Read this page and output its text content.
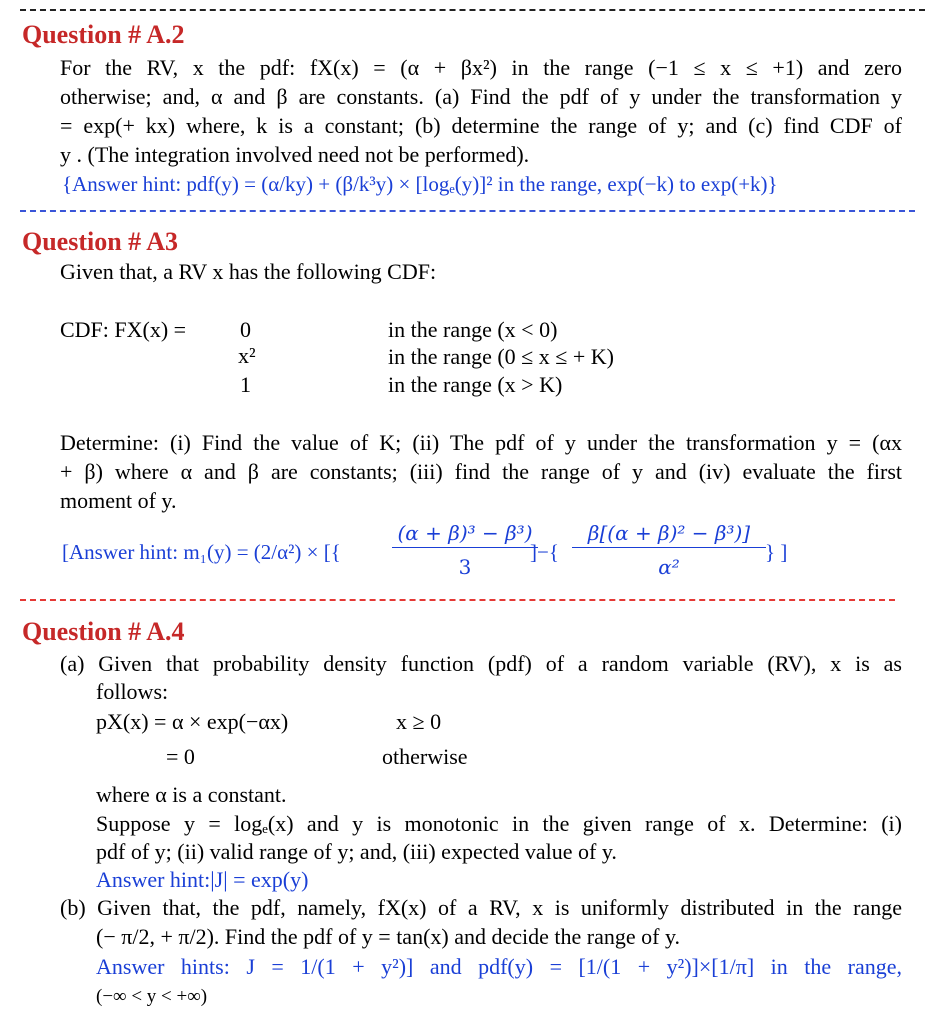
Question # A.2
For the RV, x the pdf: fX(x) = (α + βx²) in the range (−1 ≤ x ≤ +1) and zero
otherwise; and, α and β are constants. (a) Find the pdf of y under the transformation y
= exp(+ kx) where, k is a constant; (b) determine the range of y; and (c) find CDF of
y . (The integration involved need not be performed).
{Answer hint: pdf(y) = (α/ky) + (β/k³y) × [logₑ(y)]² in the range, exp(−k) to exp(+k)}
Question # A3
Given that, a RV x has the following CDF:
CDF: FX(x) = 0
x²
1
in the range (x < 0)
in the range (0 ≤ x ≤ + K)
in the range (x > K)
Determine: (i) Find the value of K; (ii) The pdf of y under the transformation y = (αx
+ β) where α and β are constants; (iii) find the range of y and (iv) evaluate the first
moment of y.
[Answer hint: m₁(y) = (2/α²) × [{
(α + β)³ − β³)
3
]−{
β[(α + β)² − β³)]
α²
} ]
Question # A.4
(a) Given that probability density function (pdf) of a random variable (RV), x is as
follows:
pX(x) = α × exp(−αx)	x ≥ 0
= 0	otherwise
where α is a constant.
Suppose y = logₑ(x) and y is monotonic in the given range of x. Determine: (i)
pdf of y; (ii) valid range of y; and, (iii) expected value of y.
Answer hint:|J| = exp(y)
(b) Given that, the pdf, namely, fX(x) of a RV, x is uniformly distributed in the range
(− π/2, + π/2). Find the pdf of y = tan(x) and decide the range of y.
Answer hints: J = 1/(1 + y²)] and pdf(y) = [1/(1 + y²)]×[1/π] in the range,
(−∞ < y < +∞)
